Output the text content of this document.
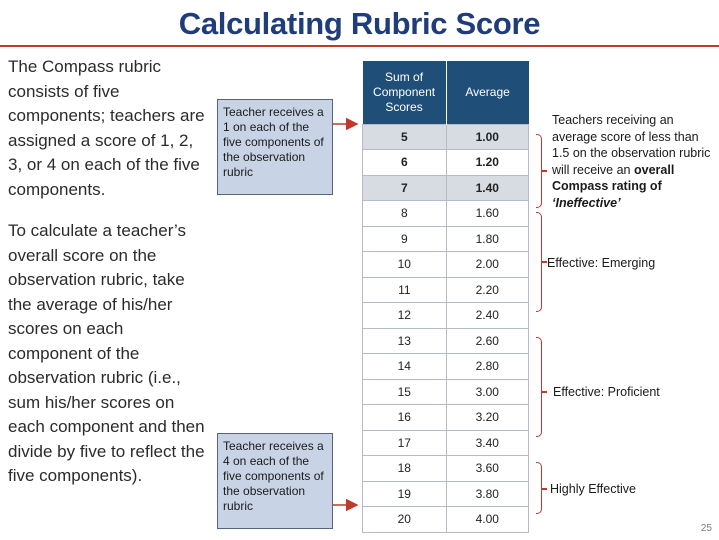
Calculating Rubric Score
The Compass rubric consists of five components; teachers are assigned a score of 1, 2, 3, or 4 on each of the five components.
To calculate a teacher’s overall score on the observation rubric, take the average of his/her scores on each component of the observation rubric (i.e., sum his/her scores on each component and then divide by five to reflect the five components).
Teacher receives a 1 on each of the five components of the observation rubric
Teacher receives a 4 on each of the five components of the observation rubric
Sum of Component Scores	Average
5	1.00
6	1.20
7	1.40
8	1.60
9	1.80
10	2.00
11	2.20
12	2.40
13	2.60
14	2.80
15	3.00
16	3.20
17	3.40
18	3.60
19	3.80
20	4.00
Teachers receiving an average score of less than 1.5 on the observation rubric will receive an overall Compass rating of ‘Ineffective’
Effective: Emerging
Effective: Proficient
Highly Effective
25
